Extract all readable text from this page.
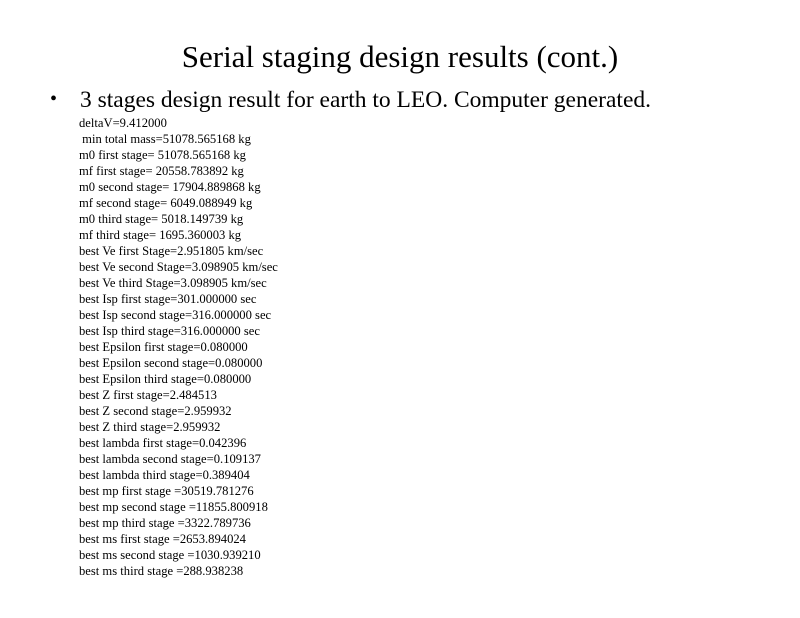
Serial staging design results (cont.)
• 3 stages design result for earth to LEO. Computer generated.
deltaV=9.412000
min total mass=51078.565168 kg
m0 first stage= 51078.565168 kg
mf first stage= 20558.783892 kg
m0 second stage= 17904.889868 kg
mf second stage= 6049.088949 kg
m0 third stage= 5018.149739 kg
mf third stage= 1695.360003 kg
best Ve first Stage=2.951805 km/sec
best Ve second Stage=3.098905 km/sec
best Ve third Stage=3.098905 km/sec
best Isp first stage=301.000000 sec
best Isp second stage=316.000000 sec
best Isp third stage=316.000000 sec
best Epsilon first stage=0.080000
best Epsilon second stage=0.080000
best Epsilon third stage=0.080000
best Z first stage=2.484513
best Z second stage=2.959932
best Z third stage=2.959932
best lambda first stage=0.042396
best lambda second stage=0.109137
best lambda third stage=0.389404
best mp first stage =30519.781276
best mp second stage =11855.800918
best mp third stage =3322.789736
best ms first stage =2653.894024
best ms second stage =1030.939210
best ms third stage =288.938238
